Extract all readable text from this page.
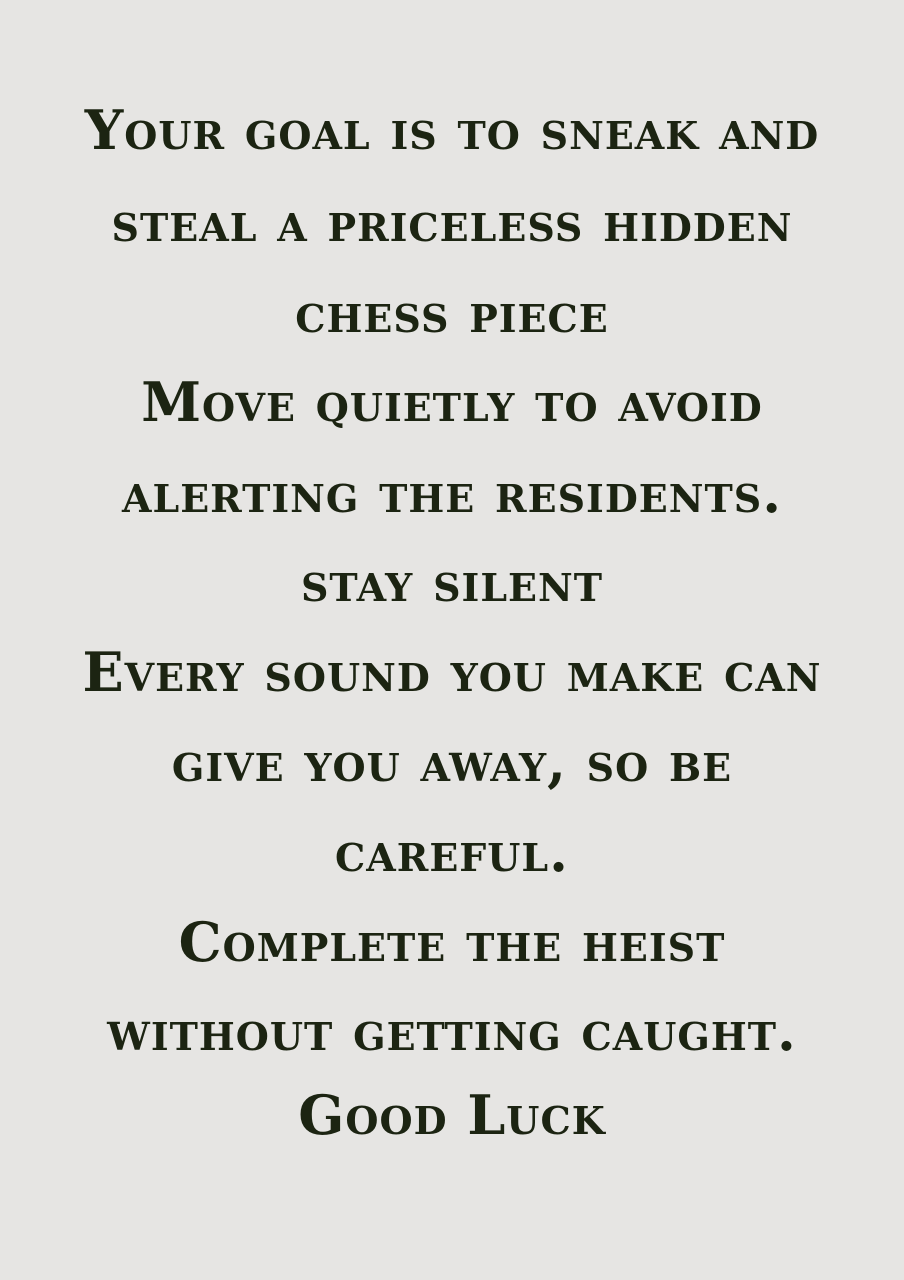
Your goal is to sneak and
steal a priceless hidden
chess piece
Move quietly to avoid
alerting the residents.
stay silent
Every sound you make can
give you away, so be
careful.
Complete the heist
without getting caught.
Good Luck
